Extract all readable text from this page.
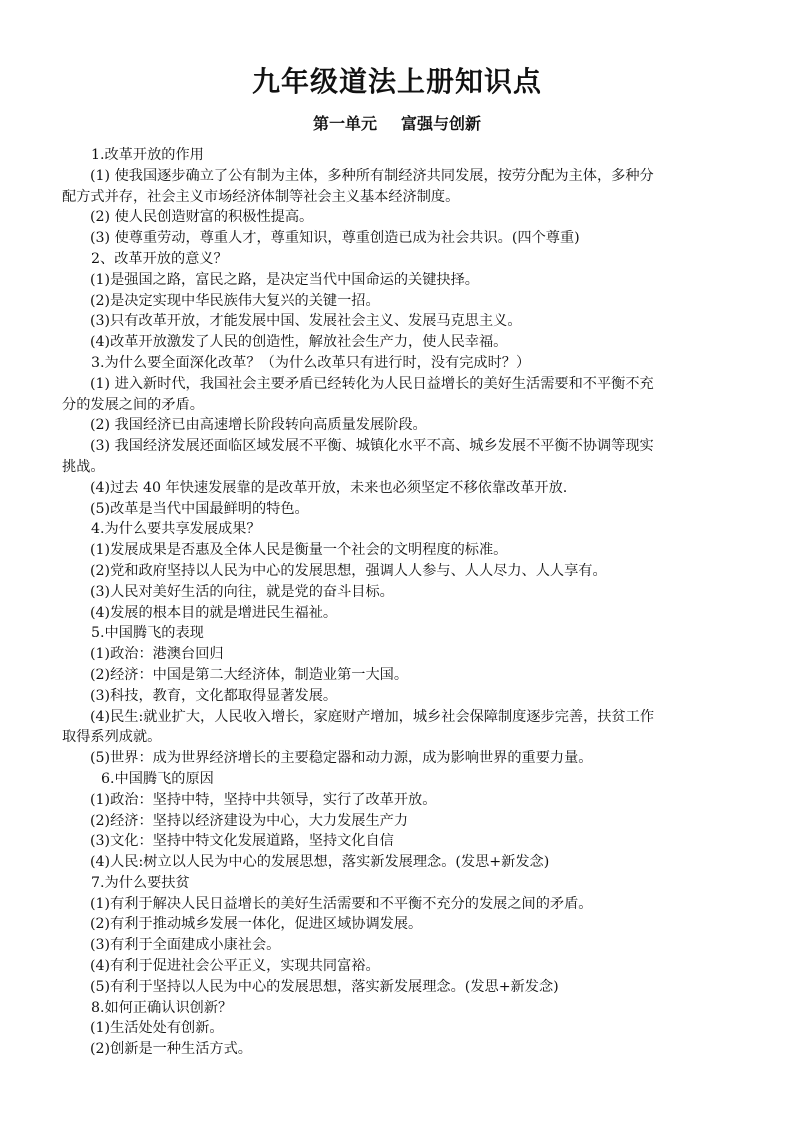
九年级道法上册知识点
第一单元 富强与创新
1.改革开放的作用
(1) 使我国逐步确立了公有制为主体，多种所有制经济共同发展，按劳分配为主体，多种分
配方式并存，社会主义市场经济体制等社会主义基本经济制度。
(2) 使人民创造财富的积极性提高。
(3) 使尊重劳动，尊重人才，尊重知识，尊重创造已成为社会共识。(四个尊重)
2、改革开放的意义？
(1)是强国之路，富民之路，是决定当代中国命运的关键抉择。
(2)是决定实现中华民族伟大复兴的关键一招。
(3)只有改革开放，才能发展中国、发展社会主义、发展马克思主义。
(4)改革开放激发了人民的创造性，解放社会生产力，使人民幸福。
3.为什么要全面深化改革？（为什么改革只有进行时，没有完成时？）
(1) 进入新时代，我国社会主要矛盾已经转化为人民日益增长的美好生活需要和不平衡不充
分的发展之间的矛盾。
(2) 我国经济已由高速增长阶段转向高质量发展阶段。
(3) 我国经济发展还面临区域发展不平衡、城镇化水平不高、城乡发展不平衡不协调等现实
挑战。
(4)过去 40 年快速发展靠的是改革开放，未来也必须坚定不移依靠改革开放.
(5)改革是当代中国最鲜明的特色。
4.为什么要共享发展成果？
(1)发展成果是否惠及全体人民是衡量一个社会的文明程度的标准。
(2)党和政府坚持以人民为中心的发展思想，强调人人参与、人人尽力、人人享有。
(3)人民对美好生活的向往，就是党的奋斗目标。
(4)发展的根本目的就是增进民生福祉。
5.中国腾飞的表现
(1)政治：港澳台回归
(2)经济：中国是第二大经济体，制造业第一大国。
(3)科技，教育，文化都取得显著发展。
(4)民生:就业扩大，人民收入增长，家庭财产增加，城乡社会保障制度逐步完善，扶贫工作
取得系列成就。
(5)世界：成为世界经济增长的主要稳定器和动力源，成为影响世界的重要力量。
6.中国腾飞的原因
(1)政治：坚持中特，坚持中共领导，实行了改革开放。
(2)经济：坚持以经济建设为中心，大力发展生产力
(3)文化：坚持中特文化发展道路，坚持文化自信
(4)人民:树立以人民为中心的发展思想，落实新发展理念。(发思+新发念)
7.为什么要扶贫
(1)有利于解决人民日益增长的美好生活需要和不平衡不充分的发展之间的矛盾。
(2)有利于推动城乡发展一体化，促进区域协调发展。
(3)有利于全面建成小康社会。
(4)有利于促进社会公平正义，实现共同富裕。
(5)有利于坚持以人民为中心的发展思想，落实新发展理念。(发思+新发念)
8.如何正确认识创新？
(1)生活处处有创新。
(2)创新是一种生活方式。
